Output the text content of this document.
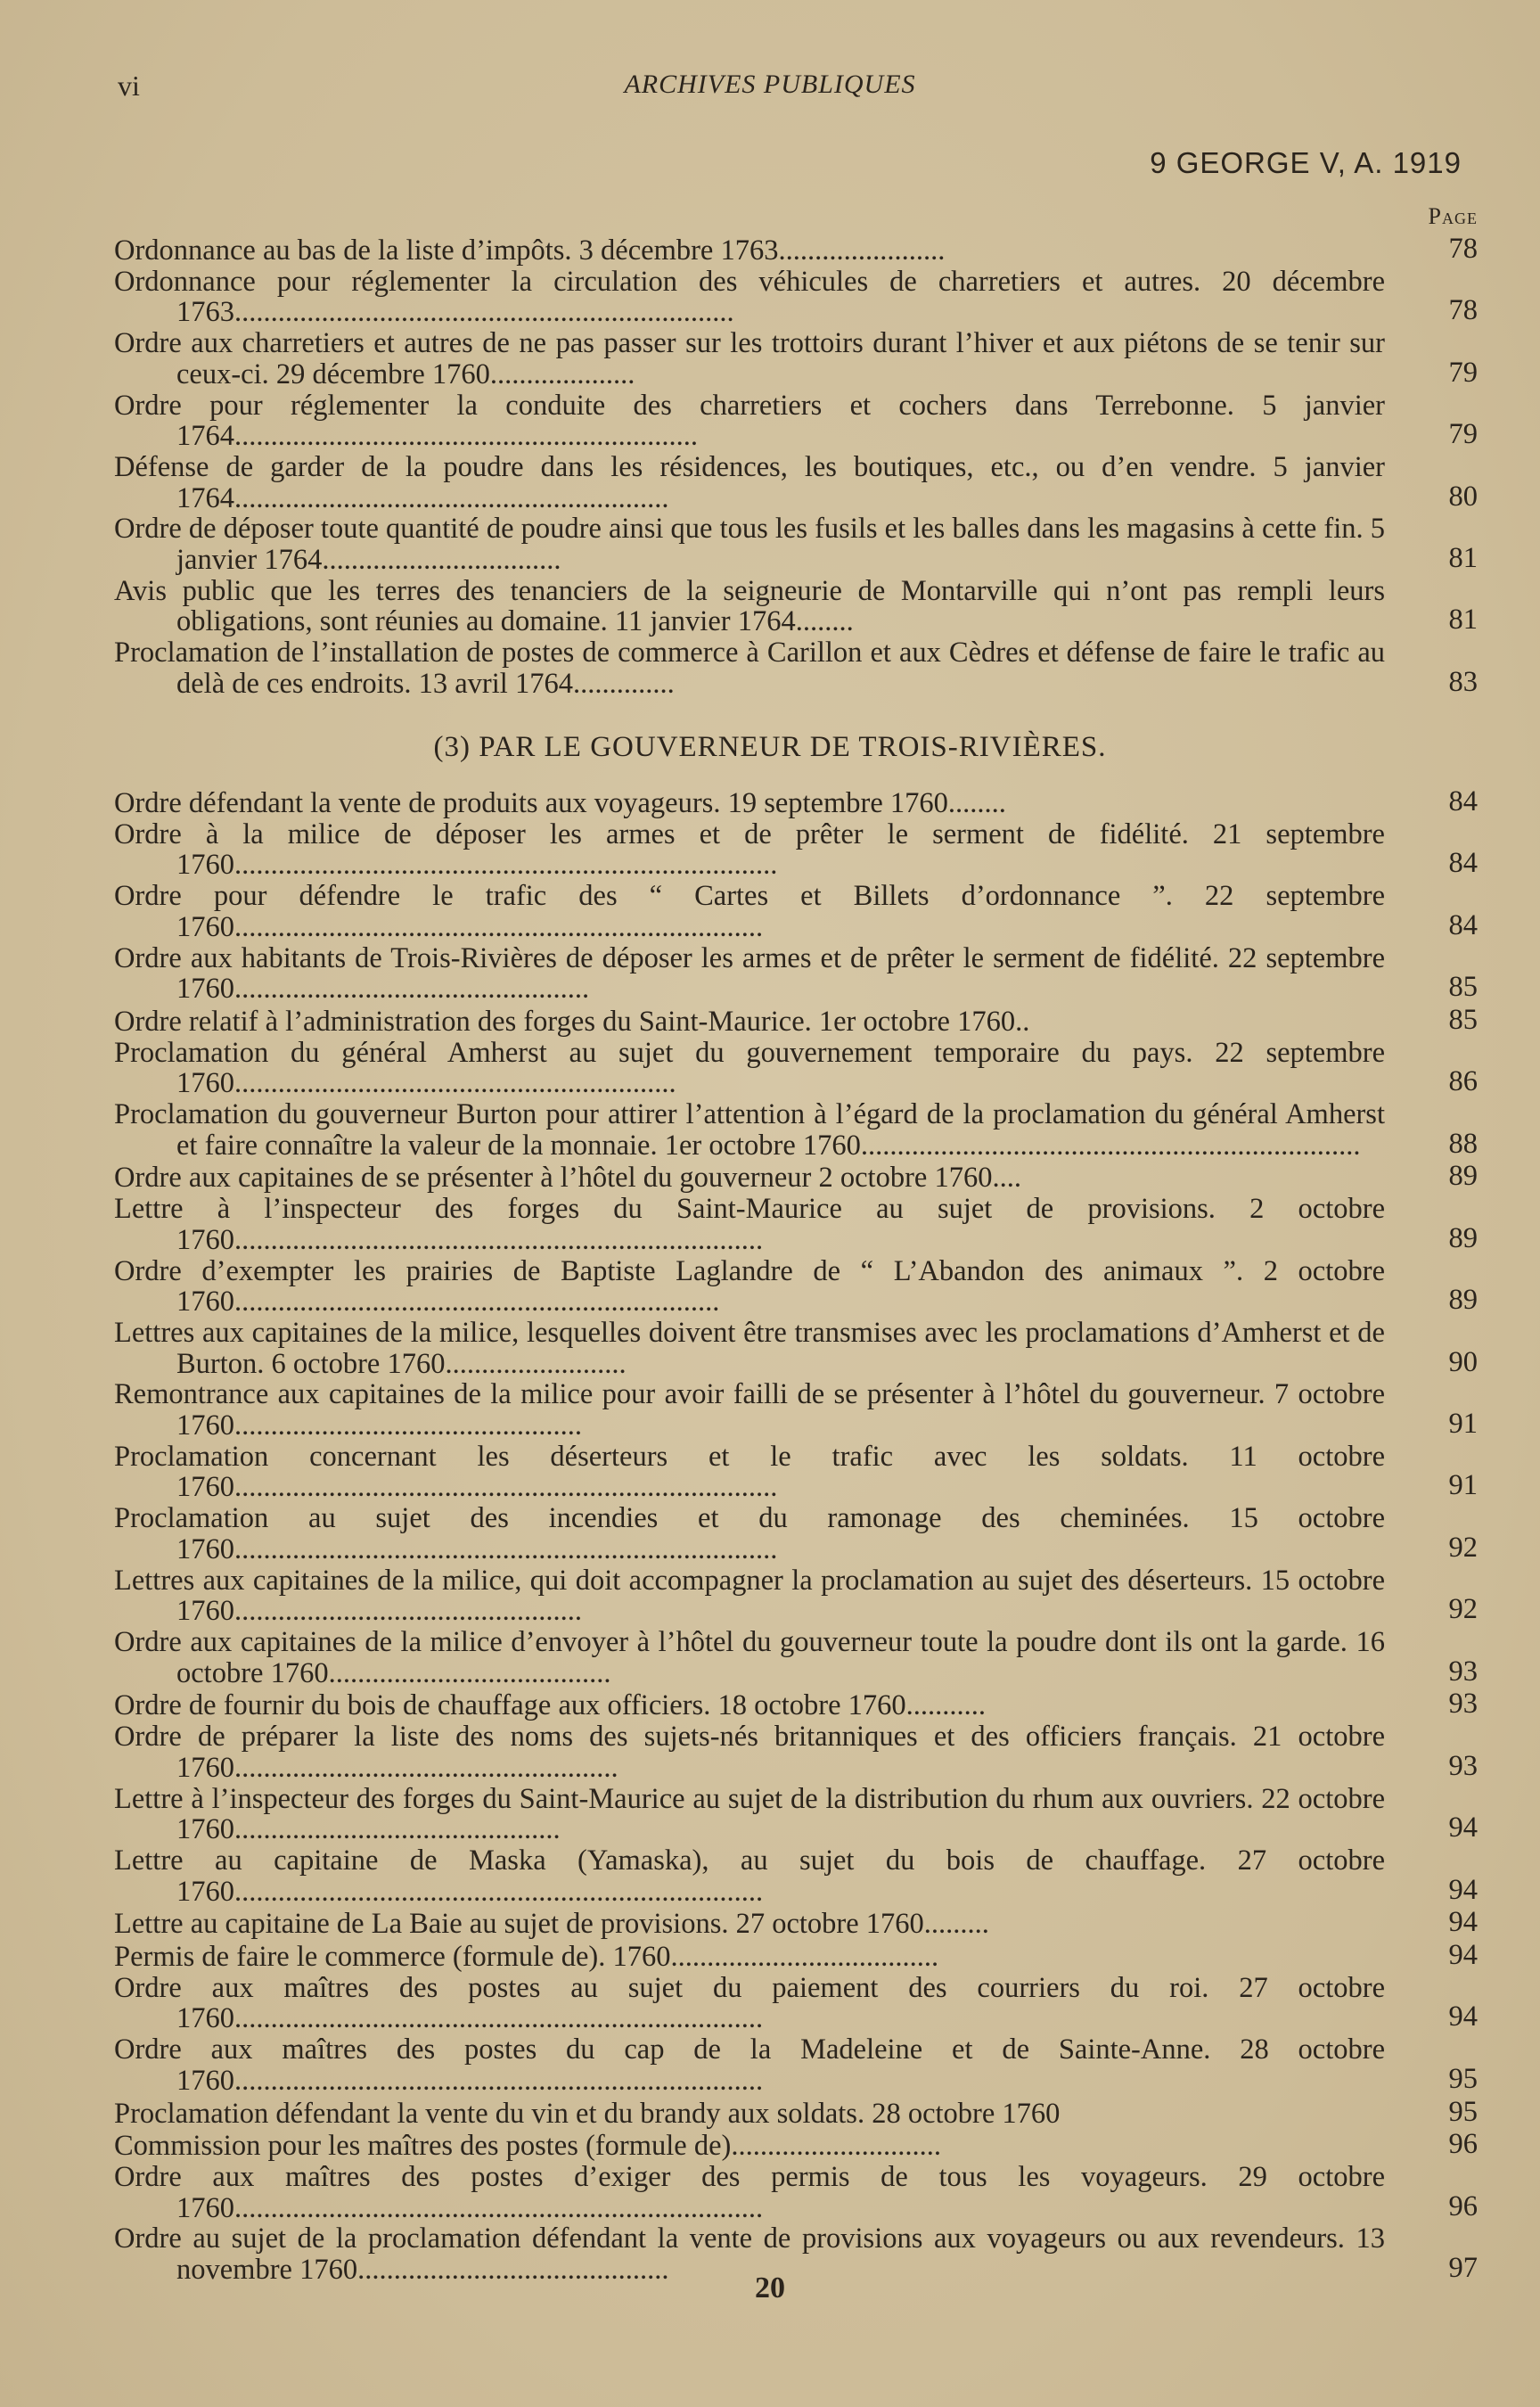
vi	ARCHIVES PUBLIQUES
9 GEORGE V, A. 1919
Page
Ordonnance au bas de la liste d’impôts. 3 décembre 1763.......................	78
Ordonnance pour réglementer la circulation des véhicules de charretiers et autres. 20 décembre 1763.....................................................................	78
Ordre aux charretiers et autres de ne pas passer sur les trottoirs durant l’hiver et aux piétons de se tenir sur ceux-ci. 29 décembre 1760....................	79
Ordre pour réglementer la conduite des charretiers et cochers dans Terrebonne. 5 janvier 1764................................................................	79
Défense de garder de la poudre dans les résidences, les boutiques, etc., ou d’en vendre. 5 janvier 1764............................................................	80
Ordre de déposer toute quantité de poudre ainsi que tous les fusils et les balles dans les magasins à cette fin. 5 janvier 1764.................................	81
Avis public que les terres des tenanciers de la seigneurie de Montarville qui n’ont pas rempli leurs obligations, sont réunies au domaine. 11 janvier 1764........	81
Proclamation de l’installation de postes de commerce à Carillon et aux Cèdres et défense de faire le trafic au delà de ces endroits. 13 avril 1764..............	83
(3) PAR LE GOUVERNEUR DE TROIS-RIVIÈRES.
Ordre défendant la vente de produits aux voyageurs. 19 septembre 1760........	84
Ordre à la milice de déposer les armes et de prêter le serment de fidélité. 21 septembre 1760...........................................................................	84
Ordre pour défendre le trafic des “ Cartes et Billets d’ordonnance ”. 22 septembre 1760.........................................................................	84
Ordre aux habitants de Trois-Rivières de déposer les armes et de prêter le serment de fidélité. 22 septembre 1760.................................................	85
Ordre relatif à l’administration des forges du Saint-Maurice. 1er octobre 1760..	85
Proclamation du général Amherst au sujet du gouvernement temporaire du pays. 22 septembre 1760.............................................................	86
Proclamation du gouverneur Burton pour attirer l’attention à l’égard de la proclamation du général Amherst et faire connaître la valeur de la monnaie. 1er octobre 1760.....................................................................	88
Ordre aux capitaines de se présenter à l’hôtel du gouverneur 2 octobre 1760....	89
Lettre à l’inspecteur des forges du Saint-Maurice au sujet de provisions. 2 octobre 1760.........................................................................	89
Ordre d’exempter les prairies de Baptiste Laglandre de “ L’Abandon des animaux ”. 2 octobre 1760...................................................................	89
Lettres aux capitaines de la milice, lesquelles doivent être transmises avec les proclamations d’Amherst et de Burton. 6 octobre 1760.........................	90
Remontrance aux capitaines de la milice pour avoir failli de se présenter à l’hôtel du gouverneur. 7 octobre 1760................................................	91
Proclamation concernant les déserteurs et le trafic avec les soldats. 11 octobre 1760...........................................................................	91
Proclamation au sujet des incendies et du ramonage des cheminées. 15 octobre 1760...........................................................................	92
Lettres aux capitaines de la milice, qui doit accompagner la proclamation au sujet des déserteurs. 15 octobre 1760................................................	92
Ordre aux capitaines de la milice d’envoyer à l’hôtel du gouverneur toute la poudre dont ils ont la garde. 16 octobre 1760.......................................	93
Ordre de fournir du bois de chauffage aux officiers. 18 octobre 1760...........	93
Ordre de préparer la liste des noms des sujets-nés britanniques et des officiers français. 21 octobre 1760.....................................................	93
Lettre à l’inspecteur des forges du Saint-Maurice au sujet de la distribution du rhum aux ouvriers. 22 octobre 1760.............................................	94
Lettre au capitaine de Maska (Yamaska), au sujet du bois de chauffage. 27 octobre 1760.........................................................................	94
Lettre au capitaine de La Baie au sujet de provisions. 27 octobre 1760.........	94
Permis de faire le commerce (formule de). 1760.....................................	94
Ordre aux maîtres des postes au sujet du paiement des courriers du roi. 27 octobre 1760.........................................................................	94
Ordre aux maîtres des postes du cap de la Madeleine et de Sainte-Anne. 28 octobre 1760.........................................................................	95
Proclamation défendant la vente du vin et du brandy aux soldats. 28 octobre 1760	95
Commission pour les maîtres des postes (formule de).............................	96
Ordre aux maîtres des postes d’exiger des permis de tous les voyageurs. 29 octobre 1760.........................................................................	96
Ordre au sujet de la proclamation défendant la vente de provisions aux voyageurs ou aux revendeurs. 13 novembre 1760...........................................	97
20
